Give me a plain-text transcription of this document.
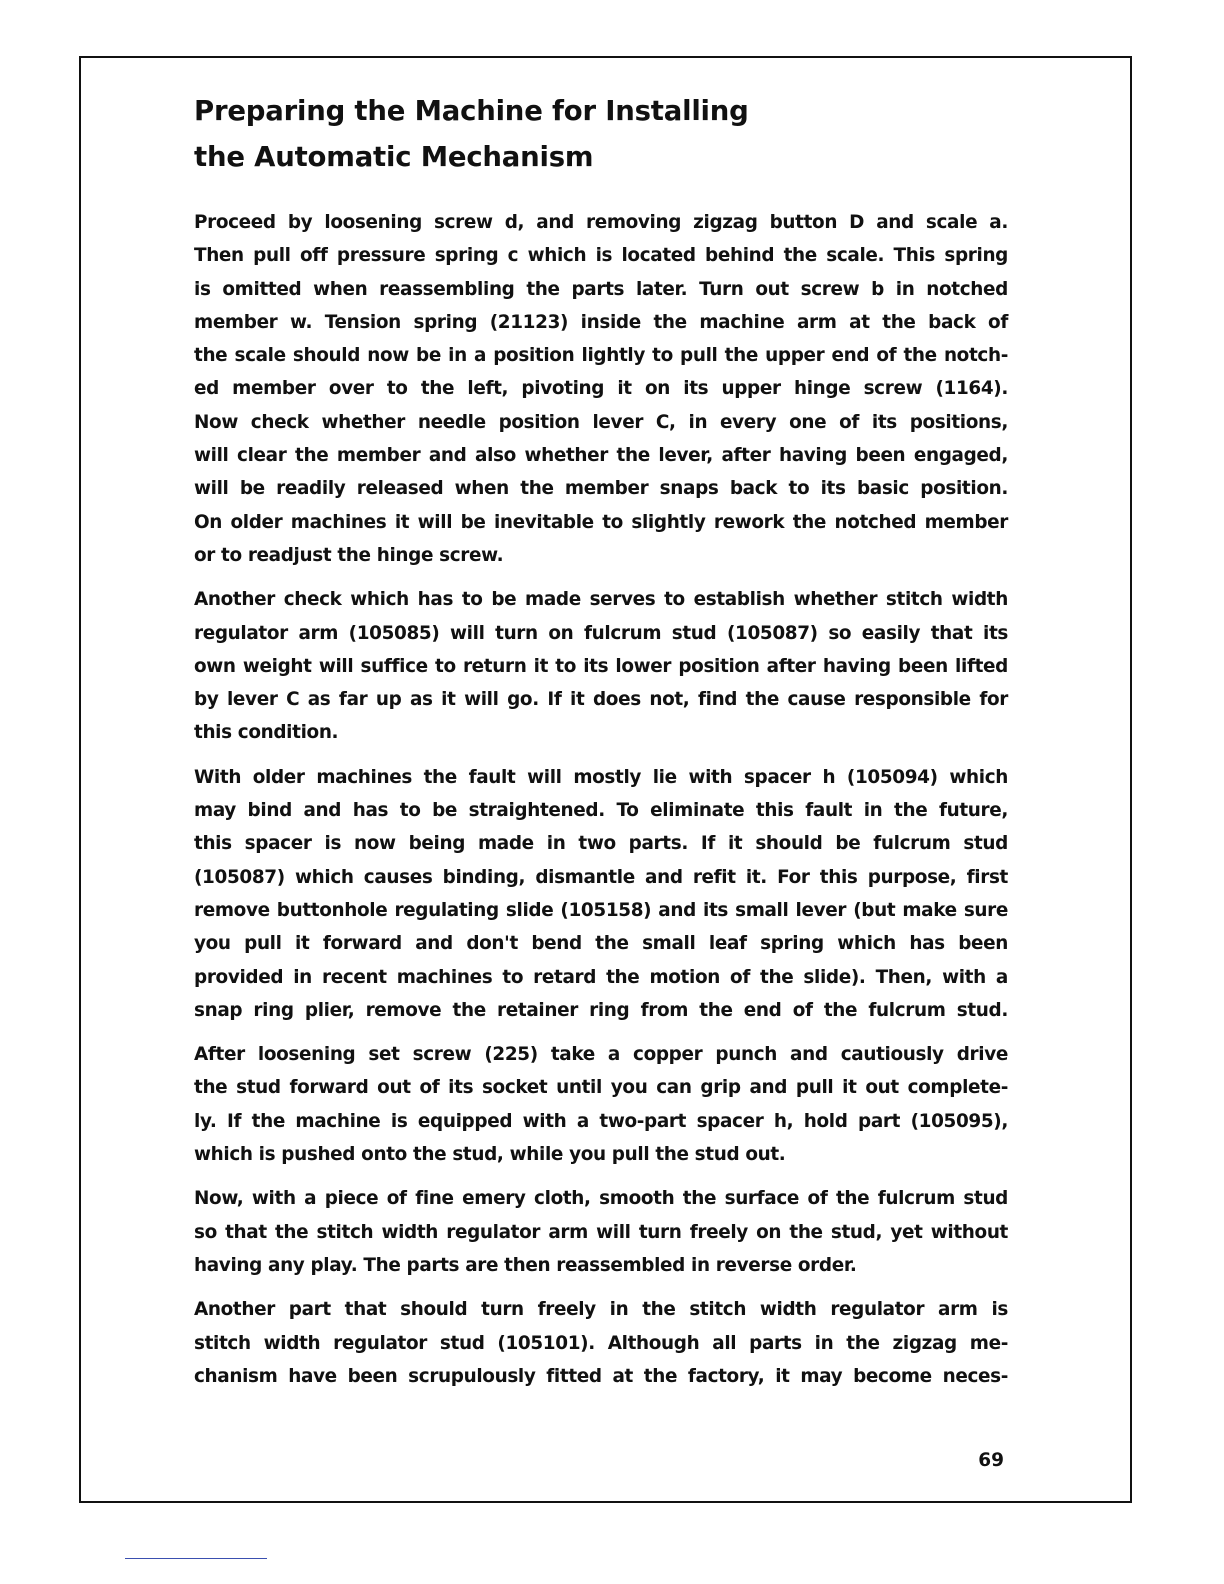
Preparing the Machine for Installing
the Automatic Mechanism

Proceed by loosening screw d, and removing zigzag button D and scale a.
Then pull off pressure spring c which is located behind the scale. This spring
is omitted when reassembling the parts later. Turn out screw b in notched
member w. Tension spring (21123) inside the machine arm at the back of
the scale should now be in a position lightly to pull the upper end of the notch-
ed member over to the left, pivoting it on its upper hinge screw (1164).
Now check whether needle position lever C, in every one of its positions,
will clear the member and also whether the lever, after having been engaged,
will be readily released when the member snaps back to its basic position.
On older machines it will be inevitable to slightly rework the notched member
or to readjust the hinge screw.

Another check which has to be made serves to establish whether stitch width
regulator arm (105085) will turn on fulcrum stud (105087) so easily that its
own weight will suffice to return it to its lower position after having been lifted
by lever C as far up as it will go. If it does not, find the cause responsible for
this condition.

With older machines the fault will mostly lie with spacer h (105094) which
may bind and has to be straightened. To eliminate this fault in the future,
this spacer is now being made in two parts. If it should be fulcrum stud
(105087) which causes binding, dismantle and refit it. For this purpose, first
remove buttonhole regulating slide (105158) and its small lever (but make sure
you pull it forward and don't bend the small leaf spring which has been
provided in recent machines to retard the motion of the slide). Then, with a
snap ring plier, remove the retainer ring from the end of the fulcrum stud.

After loosening set screw (225) take a copper punch and cautiously drive
the stud forward out of its socket until you can grip and pull it out complete-
ly. If the machine is equipped with a two-part spacer h, hold part (105095),
which is pushed onto the stud, while you pull the stud out.

Now, with a piece of fine emery cloth, smooth the surface of the fulcrum stud
so that the stitch width regulator arm will turn freely on the stud, yet without
having any play. The parts are then reassembled in reverse order.

Another part that should turn freely in the stitch width regulator arm is
stitch width regulator stud (105101). Although all parts in the zigzag me-
chanism have been scrupulously fitted at the factory, it may become neces-

69
